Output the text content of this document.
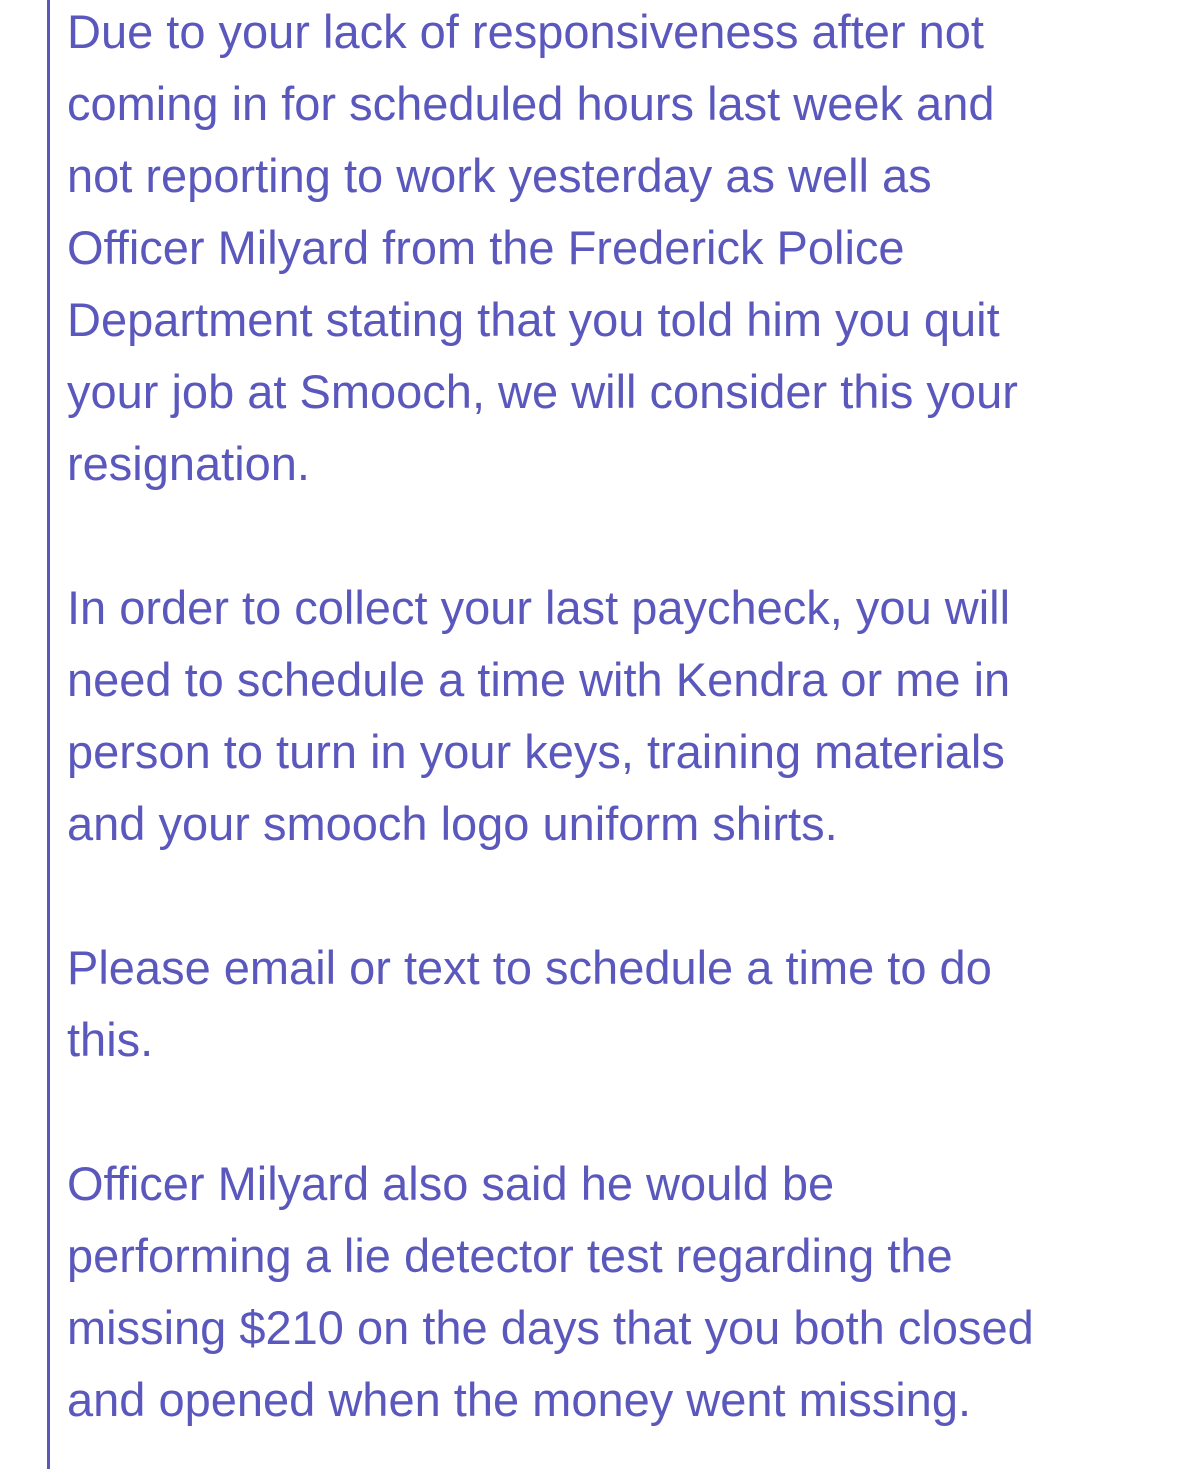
Due to your lack of responsiveness after not
coming in for scheduled hours last week and
not reporting to work yesterday as well as
Officer Milyard from the Frederick Police
Department stating that you told him you quit
your job at Smooch, we will consider this your
resignation.

In order to collect your last paycheck, you will
need to schedule a time with Kendra or me in
person to turn in your keys, training materials
and your smooch logo uniform shirts.

Please email or text to schedule a time to do
this.

Officer Milyard also said he would be
performing a lie detector test regarding the
missing $210 on the days that you both closed
and opened when the money went missing.
